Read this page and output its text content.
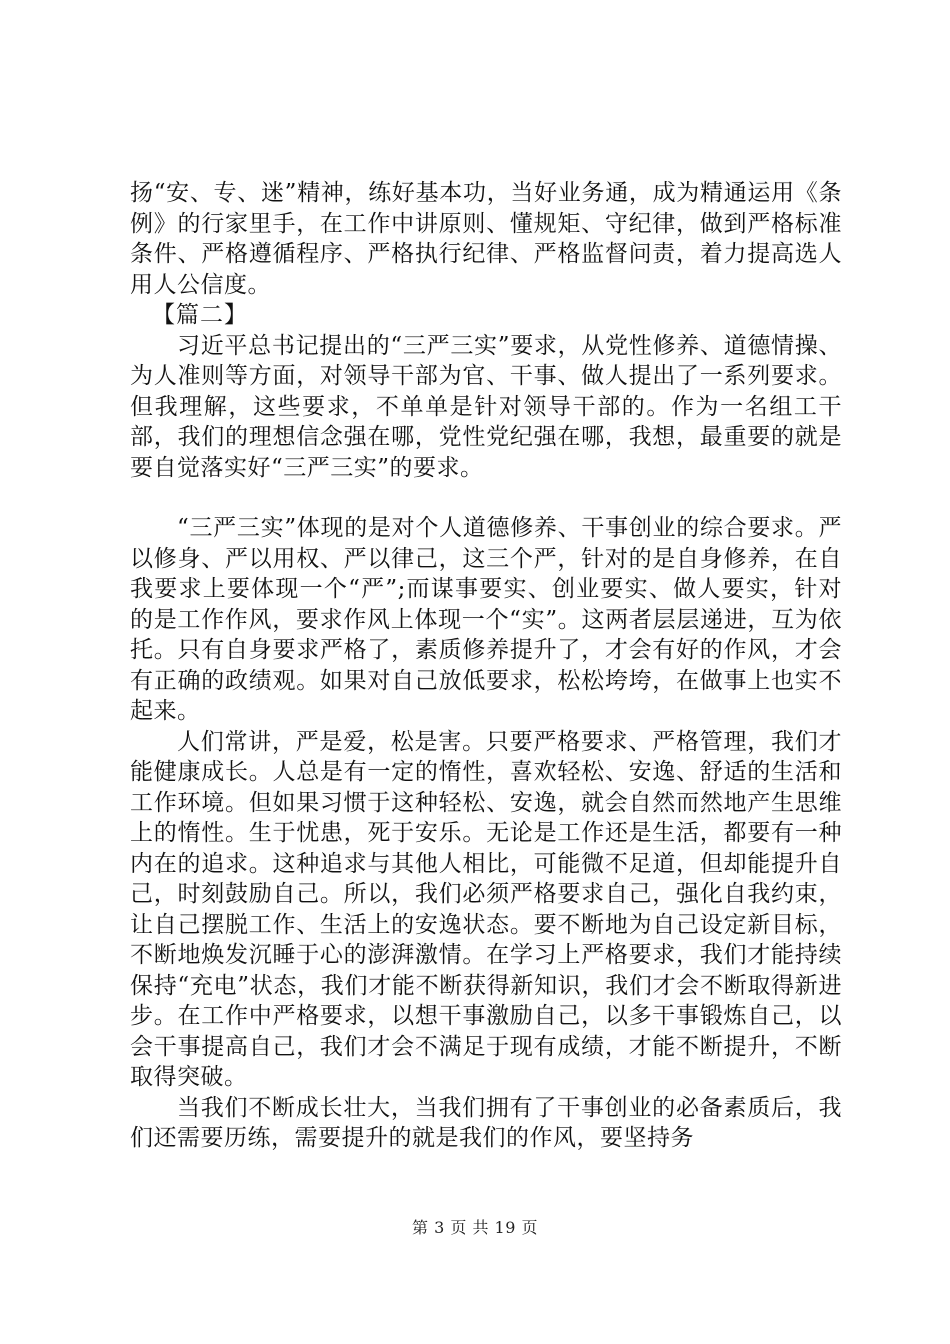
扬“安、专、迷”精神，练好基本功，当好业务通，成为精通运用《条例》的行家里手，在工作中讲原则、懂规矩、守纪律，做到严格标准条件、严格遵循程序、严格执行纪律、严格监督问责，着力提高选人用人公信度。

【篇二】

习近平总书记提出的“三严三实”要求，从党性修养、道德情操、为人准则等方面，对领导干部为官、干事、做人提出了一系列要求。但我理解，这些要求，不单单是针对领导干部的。作为一名组工干部，我们的理想信念强在哪，党性党纪强在哪，我想，最重要的就是要自觉落实好“三严三实”的要求。

“三严三实”体现的是对个人道德修养、干事创业的综合要求。严以修身、严以用权、严以律己，这三个严，针对的是自身修养，在自我要求上要体现一个“严”;而谋事要实、创业要实、做人要实，针对的是工作作风，要求作风上体现一个“实”。这两者层层递进，互为依托。只有自身要求严格了，素质修养提升了，才会有好的作风，才会有正确的政绩观。如果对自己放低要求，松松垮垮，在做事上也实不起来。

人们常讲，严是爱，松是害。只要严格要求、严格管理，我们才能健康成长。人总是有一定的惰性，喜欢轻松、安逸、舒适的生活和工作环境。但如果习惯于这种轻松、安逸，就会自然而然地产生思维上的惰性。生于忧患，死于安乐。无论是工作还是生活，都要有一种内在的追求。这种追求与其他人相比，可能微不足道，但却能提升自己，时刻鼓励自己。所以，我们必须严格要求自己，强化自我约束，让自己摆脱工作、生活上的安逸状态。要不断地为自己设定新目标，不断地焕发沉睡于心的澎湃激情。在学习上严格要求，我们才能持续保持“充电”状态，我们才能不断获得新知识，我们才会不断取得新进步。在工作中严格要求，以想干事激励自己，以多干事锻炼自己，以会干事提高自己，我们才会不满足于现有成绩，才能不断提升，不断取得突破。

当我们不断成长壮大，当我们拥有了干事创业的必备素质后，我们还需要历练，需要提升的就是我们的作风，要坚持务

第 3 页 共 19 页
